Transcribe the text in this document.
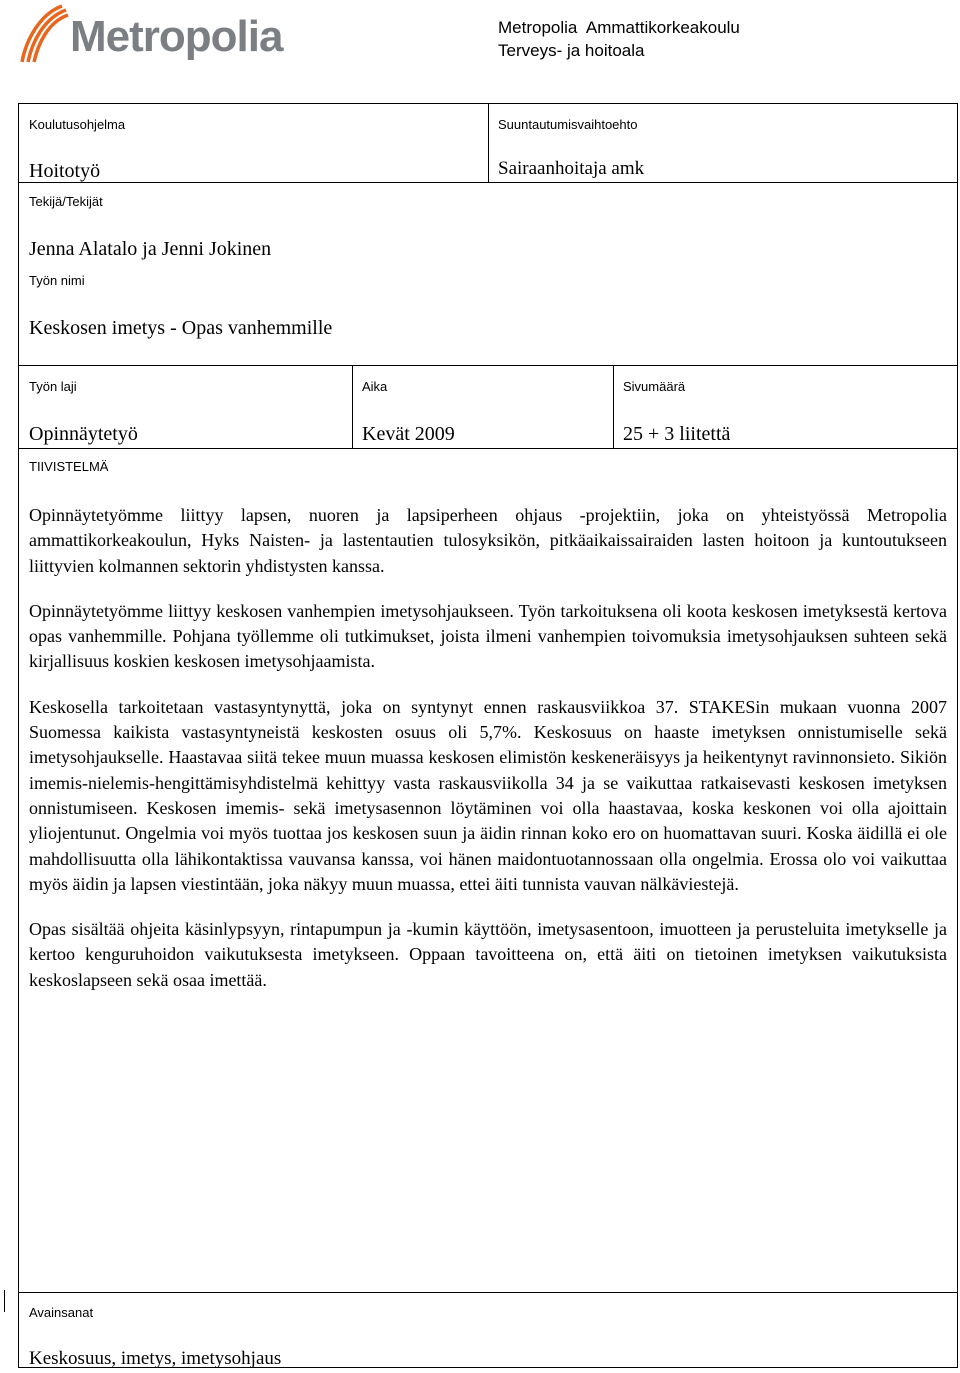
Metropolia	Metropolia  Ammattikorkeakoulu
Terveys- ja hoitoala
Koulutusohjelma
Hoitotyö
Suuntautumisvaihtoehto
Sairaanhoitaja amk
Tekijä/Tekijät
Jenna Alatalo ja Jenni Jokinen
Työn nimi
Keskosen imetys - Opas vanhemmille
Työn laji
Opinnäytetyö
Aika
Kevät 2009
Sivumäärä
25 + 3 liitettä
TIIVISTELMÄ

Opinnäytetyömme liittyy lapsen, nuoren ja lapsiperheen ohjaus -projektiin, joka on yhteistyössä Metropolia ammattikorkeakoulun, Hyks Naisten- ja lastentautien tulosyksikön, pitkäaikaissairaiden lasten hoitoon ja kuntoutukseen liittyvien kolmannen sektorin yhdistysten kanssa.

Opinnäytetyömme liittyy keskosen vanhempien imetysohjaukseen. Työn tarkoituksena oli koota keskosen imetyksestä kertova opas vanhemmille. Pohjana työllemme oli tutkimukset, joista ilmeni vanhempien toivomuksia imetysohjauksen suhteen sekä kirjallisuus koskien keskosen imetysohjaamista.

Keskosella tarkoitetaan vastasyntynyttä, joka on syntynyt ennen raskausviikkoa 37. STAKESin mukaan vuonna 2007 Suomessa kaikista vastasyntyneistä keskosten osuus oli 5,7%. Keskosuus on haaste imetyksen onnistumiselle sekä imetysohjaukselle. Haastavaa siitä tekee muun muassa keskosen elimistön keskeneräisyys ja heikentynyt ravinnonsieto. Sikiön imemis-nielemis-hengittämisyhdistelmä kehittyy vasta raskausviikolla 34 ja se vaikuttaa ratkaisevasti keskosen imetyksen onnistumiseen. Keskosen imemis- sekä imetysasennon löytäminen voi olla haastavaa, koska keskonen voi olla ajoittain yliojentunut. Ongelmia voi myös tuottaa jos keskosen suun ja äidin rinnan koko ero on huomattavan suuri. Koska äidillä ei ole mahdollisuutta olla lähikontaktissa vauvansa kanssa, voi hänen maidontuotannossaan olla ongelmia. Erossa olo voi vaikuttaa myös äidin ja lapsen viestintään, joka näkyy muun muassa, ettei äiti tunnista vauvan nälkäviestejä.

Opas sisältää ohjeita käsinlypsyyn, rintapumpun ja -kumin käyttöön, imetysasentoon, imuotteen ja perusteluita imetykselle ja kertoo kenguruhoidon vaikutuksesta imetykseen. Oppaan tavoitteena on, että äiti on tietoinen imetyksen vaikutuksista keskoslapseen sekä osaa imettää.

Avainsanat
Keskosuus, imetys, imetysohjaus
